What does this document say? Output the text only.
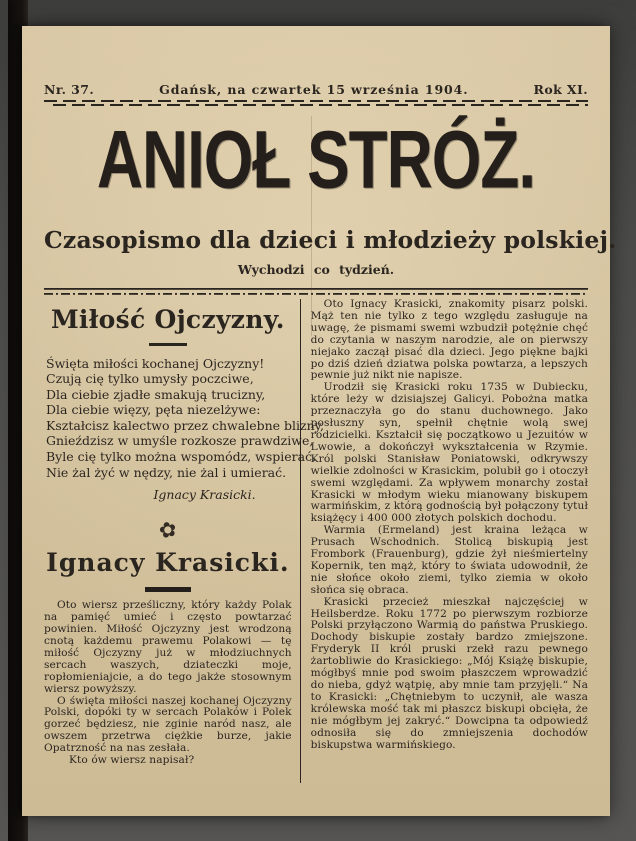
Nr. 37.	Gdańsk, na czwartek 15 września 1904.	Rok XI.
ANIOŁ STRÓŻ.
Czasopismo dla dzieci i młodzieży polskiej.
Wychodzi co tydzień.
Miłość Ojczyzny.
Święta miłości kochanej Ojczyzny!
Czują cię tylko umysły poczciwe,
Dla ciebie zjadłe smakują trucizny,
Dla ciebie więzy, pęta niezelżywe:
Kształcisz kalectwo przez chwalebne blizny,
Gnieździsz w umyśle rozkosze prawdziwe,
Byle cię tylko można wspomódz, wspierać.
Nie żal żyć w nędzy, nie żal i umierać.
Ignacy Krasicki.
✿
Ignacy Krasicki.

Oto wiersz prześliczny, który każdy Polak na pamięć umieć i często powtarzać powinien. Miłość Ojczyzny jest wrodzoną cnotą każdemu prawemu Polakowi — tę miłość Ojczyzny już w młodziuchnych sercach waszych, dziateczki moje, ropłomieniajcie, a do tego jakże stosownym wiersz powyższy.

O święta miłości naszej kochanej Ojczyzny Polski, dopóki ty w sercach Polaków i Polek gorzeć będziesz, nie zginie naród nasz, ale owszem przetrwa ciężkie burze, jakie Opatrzność na nas zesłała.

Kto ów wiersz napisał?

Oto Ignacy Krasicki, znakomity pisarz polski. Mąż ten nie tylko z tego względu zasługuje na uwagę, że pismami swemi wzbudził potężnie chęć do czytania w naszym narodzie, ale on pierwszy niejako zaczął pisać dla dzieci. Jego piękne bajki po dziś dzień dziatwa polska powtarza, a lepszych pewnie już nikt nie napisze.

Urodził się Krasicki roku 1735 w Dubiecku, które leży w dzisiajszej Galicyi. Pobożna matka przeznaczyła go do stanu duchownego. Jako posłuszny syn, spełnił chętnie wolą swej rodzicielki. Kształcił się początkowo u Jezuitów w Lwowie, a dokończył wykształcenia w Rzymie. Król polski Stanisław Poniatowski, odkrywszy wielkie zdolności w Krasickim, polubił go i otoczył swemi względami. Za wpływem monarchy został Krasicki w młodym wieku mianowany biskupem warmińskim, z którą godnością był połączony tytuł książęcy i 400 000 złotych polskich dochodu.

Warmia (Ermeland) jest kraina leżąca w Prusach Wschodnich. Stolicą biskupią jest Frombork (Frauenburg), gdzie żył nieśmiertelny Kopernik, ten mąż, który to świata udowodnił, że nie słońce około ziemi, tylko ziemia w około słońca się obraca.

Krasicki przecież mieszkał najczęściej w Heilsberdze. Roku 1772 po pierwszym rozbiorze Polski przyłączono Warmią do państwa Pruskiego. Dochody biskupie zostały bardzo zmiejszone. Fryderyk II król pruski rzekł razu pewnego żartobliwie do Krasickiego: „Mój Książę biskupie, mógłbyś mnie pod swoim płaszczem wprowadzić do nieba, gdyż wątpię, aby mnie tam przyjęli.“ Na to Krasicki: „Chętniebym to uczynił, ale wasza królewska mość tak mi płaszcz biskupi obcięła, że nie mógłbym jej zakryć.“ Dowcipna ta odpowiedź odnosiła się do zmniejszenia dochodów biskupstwa warmińskiego.
